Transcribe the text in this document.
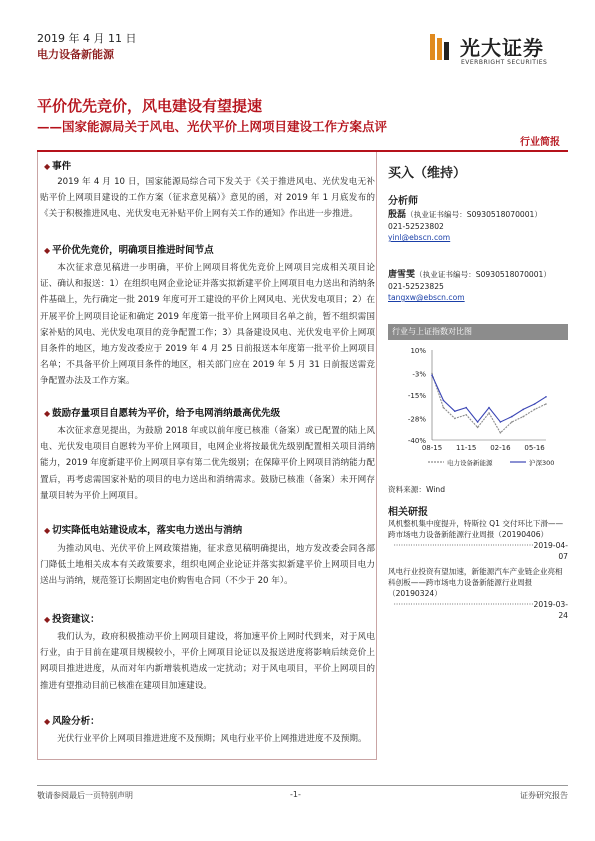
2019 年 4 月 11 日
电力设备新能源	光大证券
EVERBRIGHT SECURITIES
平价优先竞价，风电建设有望提速
——国家能源局关于风电、光伏平价上网项目建设工作方案点评
行业简报
◆ 事件
2019 年 4 月 10 日，国家能源局综合司下发关于《关于推进风电、光伏发电无补贴平价上网项目建设的工作方案（征求意见稿）》意见的函，对 2019 年 1 月底发布的《关于积极推进风电、光伏发电无补贴平价上网有关工作的通知》作出进一步推进。
◆ 平价优先竞价，明确项目推进时间节点
本次征求意见稿进一步明确，平价上网项目将优先竞价上网项目完成相关项目论证、确认和报送：1）在组织电网企业论证并落实拟新建平价上网项目电力送出和消纳条件基础上，先行确定一批 2019 年度可开工建设的平价上网风电、光伏发电项目；2）在开展平价上网项目论证和确定 2019 年度第一批平价上网项目名单之前，暂不组织需国家补贴的风电、光伏发电项目的竞争配置工作；3）具备建设风电、光伏发电平价上网项目条件的地区，地方发改委应于 2019 年 4 月 25 日前报送本年度第一批平价上网项目名单；不具备平价上网项目条件的地区，相关部门应在 2019 年 5 月 31 日前报送需竞争配置办法及工作方案。
◆ 鼓励存量项目自愿转为平价，给予电网消纳最高优先级
本次征求意见提出，为鼓励 2018 年或以前年度已核准（备案）或已配置的陆上风电、光伏发电项目自愿转为平价上网项目，电网企业将按最优先级别配置相关项目消纳能力，2019 年度新建平价上网项目享有第二优先级别；在保障平价上网项目消纳能力配置后，再考虑需国家补贴的项目的电力送出和消纳需求。鼓励已核准（备案）未开网存量项目转为平价上网项目。
◆ 切实降低电站建设成本，落实电力送出与消纳
为推动风电、光伏平价上网政策措施，征求意见稿明确提出，地方发改委会同各部门降低土地相关成本有关政策要求，组织电网企业论证并落实拟新建平价上网项目电力送出与消纳，规范签订长期固定电价购售电合同（不少于 20 年）。
◆ 投资建议：
我们认为，政府积极推动平价上网项目建设，将加速平价上网时代到来，对于风电行业，由于目前在建项目规模较小，平价上网项目论证以及报送进度将影响后续竞价上网项目推进进度，从而对年内新增装机造成一定扰动；对于风电项目，平价上网项目的推进有望推动目前已核准在建项目加速建设。
◆ 风险分析：
光伏行业平价上网项目推进进度不及预期；风电行业平价上网推进进度不及预期。
买入（维持）
分析师
殷磊（执业证书编号：S0930518070001）
021-52523802
yinl@ebscn.com
唐雪雯（执业证书编号：S0930518070001）
021-52523825
tangxw@ebscn.com
行业与上证指数对比图
10%
-3%
-15%
-28%
-40%
08-15 11-15 02-16 05-16
电力设备新能源	沪深300
资料来源：Wind
相关研报
风机整机集中度提升，特斯拉 Q1 交付环比下滑——跨市场电力设备新能源行业周报（20190406）
··························································2019-04-07
风电行业投资有望加速，新能源汽车产业链企业亮相科创板——跨市场电力设备新能源行业周报（20190324）
··························································2019-03-24
敬请参阅最后一页特别声明	-1-	证券研究报告
